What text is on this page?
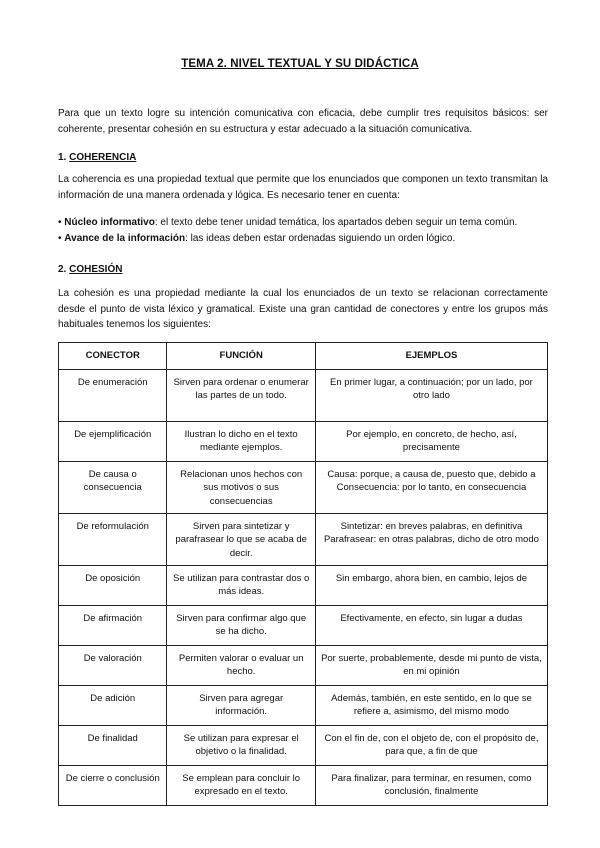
TEMA 2. NIVEL TEXTUAL Y SU DIDÁCTICA
Para que un texto logre su intención comunicativa con eficacia, debe cumplir tres requisitos básicos: ser coherente, presentar cohesión en su estructura y estar adecuado a la situación comunicativa.
1. COHERENCIA
La coherencia es una propiedad textual que permite que los enunciados que componen un texto transmitan la información de una manera ordenada y lógica. Es necesario tener en cuenta:
• Núcleo informativo: el texto debe tener unidad temática, los apartados deben seguir un tema común.
• Avance de la información: las ideas deben estar ordenadas siguiendo un orden lógico.
2. COHESIÓN
La cohesión es una propiedad mediante la cual los enunciados de un texto se relacionan correctamente desde el punto de vista léxico y gramatical. Existe una gran cantidad de conectores y entre los grupos más habituales tenemos los siguientes:
CONECTOR	FUNCIÓN	EJEMPLOS
De enumeración	Sirven para ordenar o enumerar las partes de un todo.	En primer lugar, a continuación; por un lado, por otro lado
De ejemplificación	Ilustran lo dicho en el texto mediante ejemplos.	Por ejemplo, en concreto, de hecho, así, precisamente
De causa o consecuencia	Relacionan unos hechos con sus motivos o sus consecuencias	Causa: porque, a causa de, puesto que, debido a
Consecuencia: por lo tanto, en consecuencia

De reformulación	Sirven para sintetizar y parafrasear lo que se acaba de decir.	Sintetizar: en breves palabras, en definitiva
Parafrasear: en otras palabras, dicho de otro modo

De oposición	Se utilizan para contrastar dos o más ideas.	Sin embargo, ahora bien, en cambio, lejos de
De afirmación	Sirven para confirmar algo que se ha dicho.	Efectivamente, en efecto, sin lugar a dudas
De valoración	Permiten valorar o evaluar un hecho.	Por suerte, probablemente, desde mi punto de vista, en mi opinión
De adición	Sirven para agregar información.	Además, también, en este sentido, en lo que se refiere a, asimismo, del mismo modo
De finalidad	Se utilizan para expresar el objetivo o la finalidad.	Con el fin de, con el objeto de, con el propósito de, para que, a fin de que
De cierre o conclusión	Se emplean para concluir lo expresado en el texto.	Para finalizar, para terminar, en resumen, como conclusión, finalmente
